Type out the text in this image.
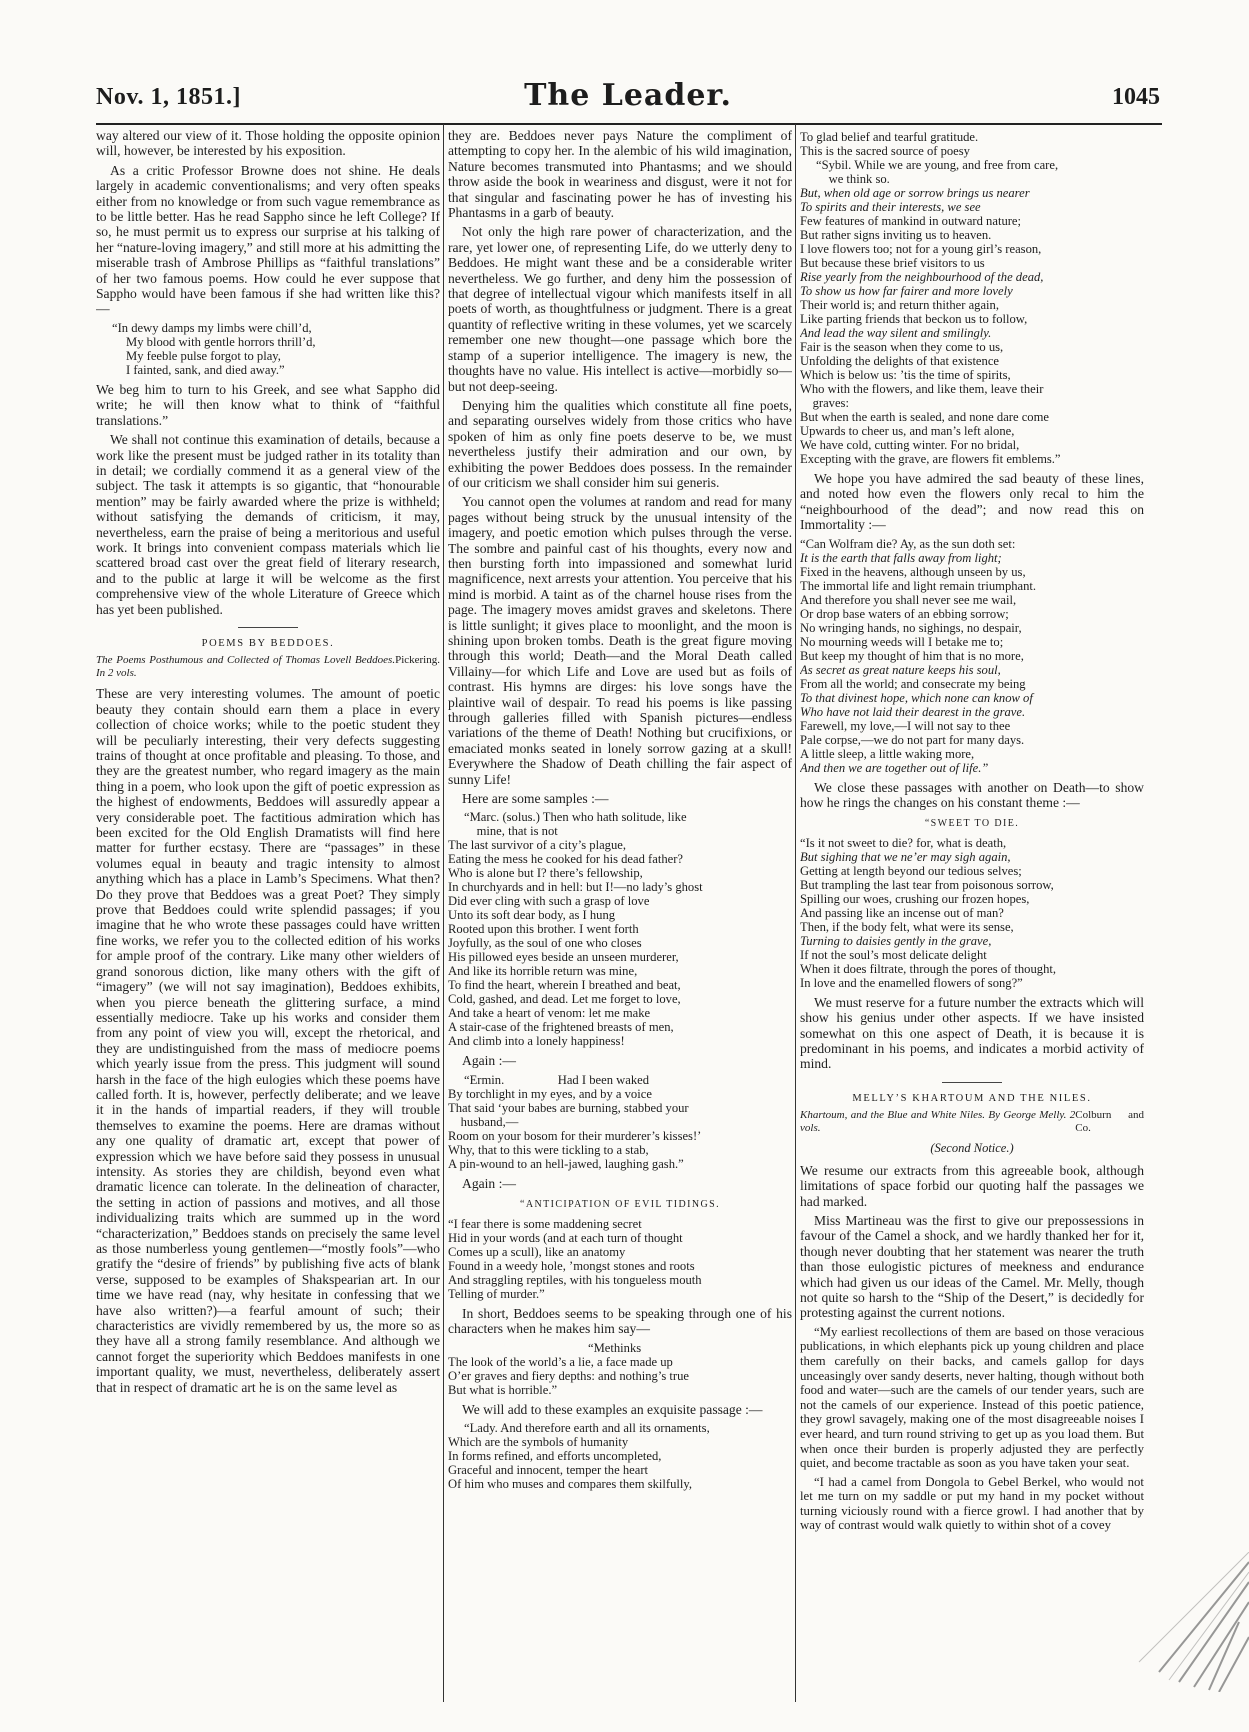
Nov. 1, 1851.]	The Leader.	1045

way altered our view of it. Those holding the opposite opinion will, however, be interested by his exposition.

As a critic Professor Browne does not shine. He deals largely in academic conventionalisms; and very often speaks either from no knowledge or from such vague remembrance as to be little better. Has he read Sappho since he left College? If so, he must permit us to express our surprise at his talking of her “nature-loving imagery,” and still more at his admitting the miserable trash of Ambrose Phillips as “faithful translations” of her two famous poems. How could he ever suppose that Sappho would have been famous if she had written like this?—

“In dewy damps my limbs were chill’d,
My blood with gentle horrors thrill’d,
My feeble pulse forgot to play,
I fainted, sank, and died away.”

We beg him to turn to his Greek, and see what Sappho did write; he will then know what to think of “faithful translations.”

We shall not continue this examination of details, because a work like the present must be judged rather in its totality than in detail; we cordially commend it as a general view of the subject. The task it attempts is so gigantic, that “honourable mention” may be fairly awarded where the prize is withheld; without satisfying the demands of criticism, it may, nevertheless, earn the praise of being a meritorious and useful work. It brings into convenient compass materials which lie scattered broad cast over the great field of literary research, and to the public at large it will be welcome as the first comprehensive view of the whole Literature of Greece which has yet been published.

POEMS BY BEDDOES.
The Poems Posthumous and Collected of Thomas Lovell Beddoes. In 2 vols.
Pickering.

These are very interesting volumes. The amount of poetic beauty they contain should earn them a place in every collection of choice works; while to the poetic student they will be peculiarly interesting, their very defects suggesting trains of thought at once profitable and pleasing. To those, and they are the greatest number, who regard imagery as the main thing in a poem, who look upon the gift of poetic expression as the highest of endowments, Beddoes will assuredly appear a very considerable poet. The factitious admiration which has been excited for the Old English Dramatists will find here matter for further ecstasy. There are “passages” in these volumes equal in beauty and tragic intensity to almost anything which has a place in Lamb’s Specimens. What then? Do they prove that Beddoes was a great Poet? They simply prove that Beddoes could write splendid passages; if you imagine that he who wrote these passages could have written fine works, we refer you to the collected edition of his works for ample proof of the contrary. Like many other wielders of grand sonorous diction, like many others with the gift of “imagery” (we will not say imagination), Beddoes exhibits, when you pierce beneath the glittering surface, a mind essentially mediocre. Take up his works and consider them from any point of view you will, except the rhetorical, and they are undistinguished from the mass of mediocre poems which yearly issue from the press. This judgment will sound harsh in the face of the high eulogies which these poems have called forth. It is, however, perfectly deliberate; and we leave it in the hands of impartial readers, if they will trouble themselves to examine the poems. Here are dramas without any one quality of dramatic art, except that power of expression which we have before said they possess in unusual intensity. As stories they are childish, beyond even what dramatic licence can tolerate. In the delineation of character, the setting in action of passions and motives, and all those individualizing traits which are summed up in the word “characterization,” Beddoes stands on precisely the same level as those numberless young gentlemen—“mostly fools”—who gratify the “desire of friends” by publishing five acts of blank verse, supposed to be examples of Shakspearian art. In our time we have read (nay, why hesitate in confessing that we have also written?)—a fearful amount of such; their characteristics are vividly remembered by us, the more so as they have all a strong family resemblance. And although we cannot forget the superiority which Beddoes manifests in one important quality, we must, nevertheless, deliberately assert that in respect of dramatic art he is on the same level as

they are. Beddoes never pays Nature the compliment of attempting to copy her. In the alembic of his wild imagination, Nature becomes transmuted into Phantasms; and we should throw aside the book in weariness and disgust, were it not for that singular and fascinating power he has of investing his Phantasms in a garb of beauty.

Not only the high rare power of characterization, and the rare, yet lower one, of representing Life, do we utterly deny to Beddoes. He might want these and be a considerable writer nevertheless. We go further, and deny him the possession of that degree of intellectual vigour which manifests itself in all poets of worth, as thoughtfulness or judgment. There is a great quantity of reflective writing in these volumes, yet we scarcely remember one new thought—one passage which bore the stamp of a superior intelligence. The imagery is new, the thoughts have no value. His intellect is active—morbidly so—but not deep-seeing.

Denying him the qualities which constitute all fine poets, and separating ourselves widely from those critics who have spoken of him as only fine poets deserve to be, we must nevertheless justify their admiration and our own, by exhibiting the power Beddoes does possess. In the remainder of our criticism we shall consider him sui generis.

You cannot open the volumes at random and read for many pages without being struck by the unusual intensity of the imagery, and poetic emotion which pulses through the verse. The sombre and painful cast of his thoughts, every now and then bursting forth into impassioned and somewhat lurid magnificence, next arrests your attention. You perceive that his mind is morbid. A taint as of the charnel house rises from the page. The imagery moves amidst graves and skeletons. There is little sunlight; it gives place to moonlight, and the moon is shining upon broken tombs. Death is the great figure moving through this world; Death—and the Moral Death called Villainy—for which Life and Love are used but as foils of contrast. His hymns are dirges: his love songs have the plaintive wail of despair. To read his poems is like passing through galleries filled with Spanish pictures—endless variations of the theme of Death! Nothing but crucifixions, or emaciated monks seated in lonely sorrow gazing at a skull! Everywhere the Shadow of Death chilling the fair aspect of sunny Life!

Here are some samples :—

“Marc. (solus.) Then who hath solitude, like
mine, that is not
The last survivor of a city’s plague,
Eating the mess he cooked for his dead father?
Who is alone but I? there’s fellowship,
In churchyards and in hell: but I!—no lady’s ghost
Did ever cling with such a grasp of love
Unto its soft dear body, as I hung
Rooted upon this brother. I went forth
Joyfully, as the soul of one who closes
His pillowed eyes beside an unseen murderer,
And like its horrible return was mine,
To find the heart, wherein I breathed and beat,
Cold, gashed, and dead. Let me forget to love,
And take a heart of venom: let me make
A stair-case of the frightened breasts of men,
And climb into a lonely happiness!

Again :—

“Ermin.                 Had I been waked
By torchlight in my eyes, and by a voice
That said ‘your babes are burning, stabbed your
husband,—
Room on your bosom for their murderer’s kisses!’
Why, that to this were tickling to a stab,
A pin-wound to an hell-jawed, laughing gash.”

Again :—

“ANTICIPATION OF EVIL TIDINGS.
“I fear there is some maddening secret
Hid in your words (and at each turn of thought
Comes up a scull), like an anatomy
Found in a weedy hole, ’mongst stones and roots
And straggling reptiles, with his tongueless mouth
Telling of murder.”

In short, Beddoes seems to be speaking through one of his characters when he makes him say—

“Methinks
The look of the world’s a lie, a face made up
O’er graves and fiery depths: and nothing’s true
But what is horrible.”

We will add to these examples an exquisite passage :—

“Lady. And therefore earth and all its ornaments,
Which are the symbols of humanity
In forms refined, and efforts uncompleted,
Graceful and innocent, temper the heart
Of him who muses and compares them skilfully,
To glad belief and tearful gratitude.
This is the sacred source of poesy
“Sybil. While we are young, and free from care,
we think so.
But, when old age or sorrow brings us nearer
To spirits and their interests, we see
Few features of mankind in outward nature;
But rather signs inviting us to heaven.
I love flowers too; not for a young girl’s reason,
But because these brief visitors to us
Rise yearly from the neighbourhood of the dead,
To show us how far fairer and more lovely
Their world is; and return thither again,
Like parting friends that beckon us to follow,
And lead the way silent and smilingly.
Fair is the season when they come to us,
Unfolding the delights of that existence
Which is below us: ’tis the time of spirits,
Who with the flowers, and like them, leave their
graves:
But when the earth is sealed, and none dare come
Upwards to cheer us, and man’s left alone,
We have cold, cutting winter. For no bridal,
Excepting with the grave, are flowers fit emblems.”

We hope you have admired the sad beauty of these lines, and noted how even the flowers only recal to him the “neighbourhood of the dead”; and now read this on Immortality :—

“Can Wolfram die? Ay, as the sun doth set:
It is the earth that falls away from light;
Fixed in the heavens, although unseen by us,
The immortal life and light remain triumphant.
And therefore you shall never see me wail,
Or drop base waters of an ebbing sorrow;
No wringing hands, no sighings, no despair,
No mourning weeds will I betake me to;
But keep my thought of him that is no more,
As secret as great nature keeps his soul,
From all the world; and consecrate my being
To that divinest hope, which none can know of
Who have not laid their dearest in the grave.
Farewell, my love,—I will not say to thee
Pale corpse,—we do not part for many days.
A little sleep, a little waking more,
And then we are together out of life.”

We close these passages with another on Death—to show how he rings the changes on his constant theme :—

“SWEET TO DIE.
“Is it not sweet to die? for, what is death,
But sighing that we ne’er may sigh again,
Getting at length beyond our tedious selves;
But trampling the last tear from poisonous sorrow,
Spilling our woes, crushing our frozen hopes,
And passing like an incense out of man?
Then, if the body felt, what were its sense,
Turning to daisies gently in the grave,
If not the soul’s most delicate delight
When it does filtrate, through the pores of thought,
In love and the enamelled flowers of song?”

We must reserve for a future number the extracts which will show his genius under other aspects. If we have insisted somewhat on this one aspect of Death, it is because it is predominant in his poems, and indicates a morbid activity of mind.

MELLY’S KHARTOUM AND THE NILES.
Khartoum, and the Blue and White Niles. By George Melly. 2 vols.
Colburn and Co.
(Second Notice.)

We resume our extracts from this agreeable book, although limitations of space forbid our quoting half the passages we had marked.

Miss Martineau was the first to give our prepossessions in favour of the Camel a shock, and we hardly thanked her for it, though never doubting that her statement was nearer the truth than those eulogistic pictures of meekness and endurance which had given us our ideas of the Camel. Mr. Melly, though not quite so harsh to the “Ship of the Desert,” is decidedly for protesting against the current notions.

“My earliest recollections of them are based on those veracious publications, in which elephants pick up young children and place them carefully on their backs, and camels gallop for days unceasingly over sandy deserts, never halting, though without both food and water—such are the camels of our tender years, such are not the camels of our experience. Instead of this poetic patience, they growl savagely, making one of the most disagreeable noises I ever heard, and turn round striving to get up as you load them. But when once their burden is properly adjusted they are perfectly quiet, and become tractable as soon as you have taken your seat.

“I had a camel from Dongola to Gebel Berkel, who would not let me turn on my saddle or put my hand in my pocket without turning viciously round with a fierce growl. I had another that by way of contrast would walk quietly to within shot of a covey
